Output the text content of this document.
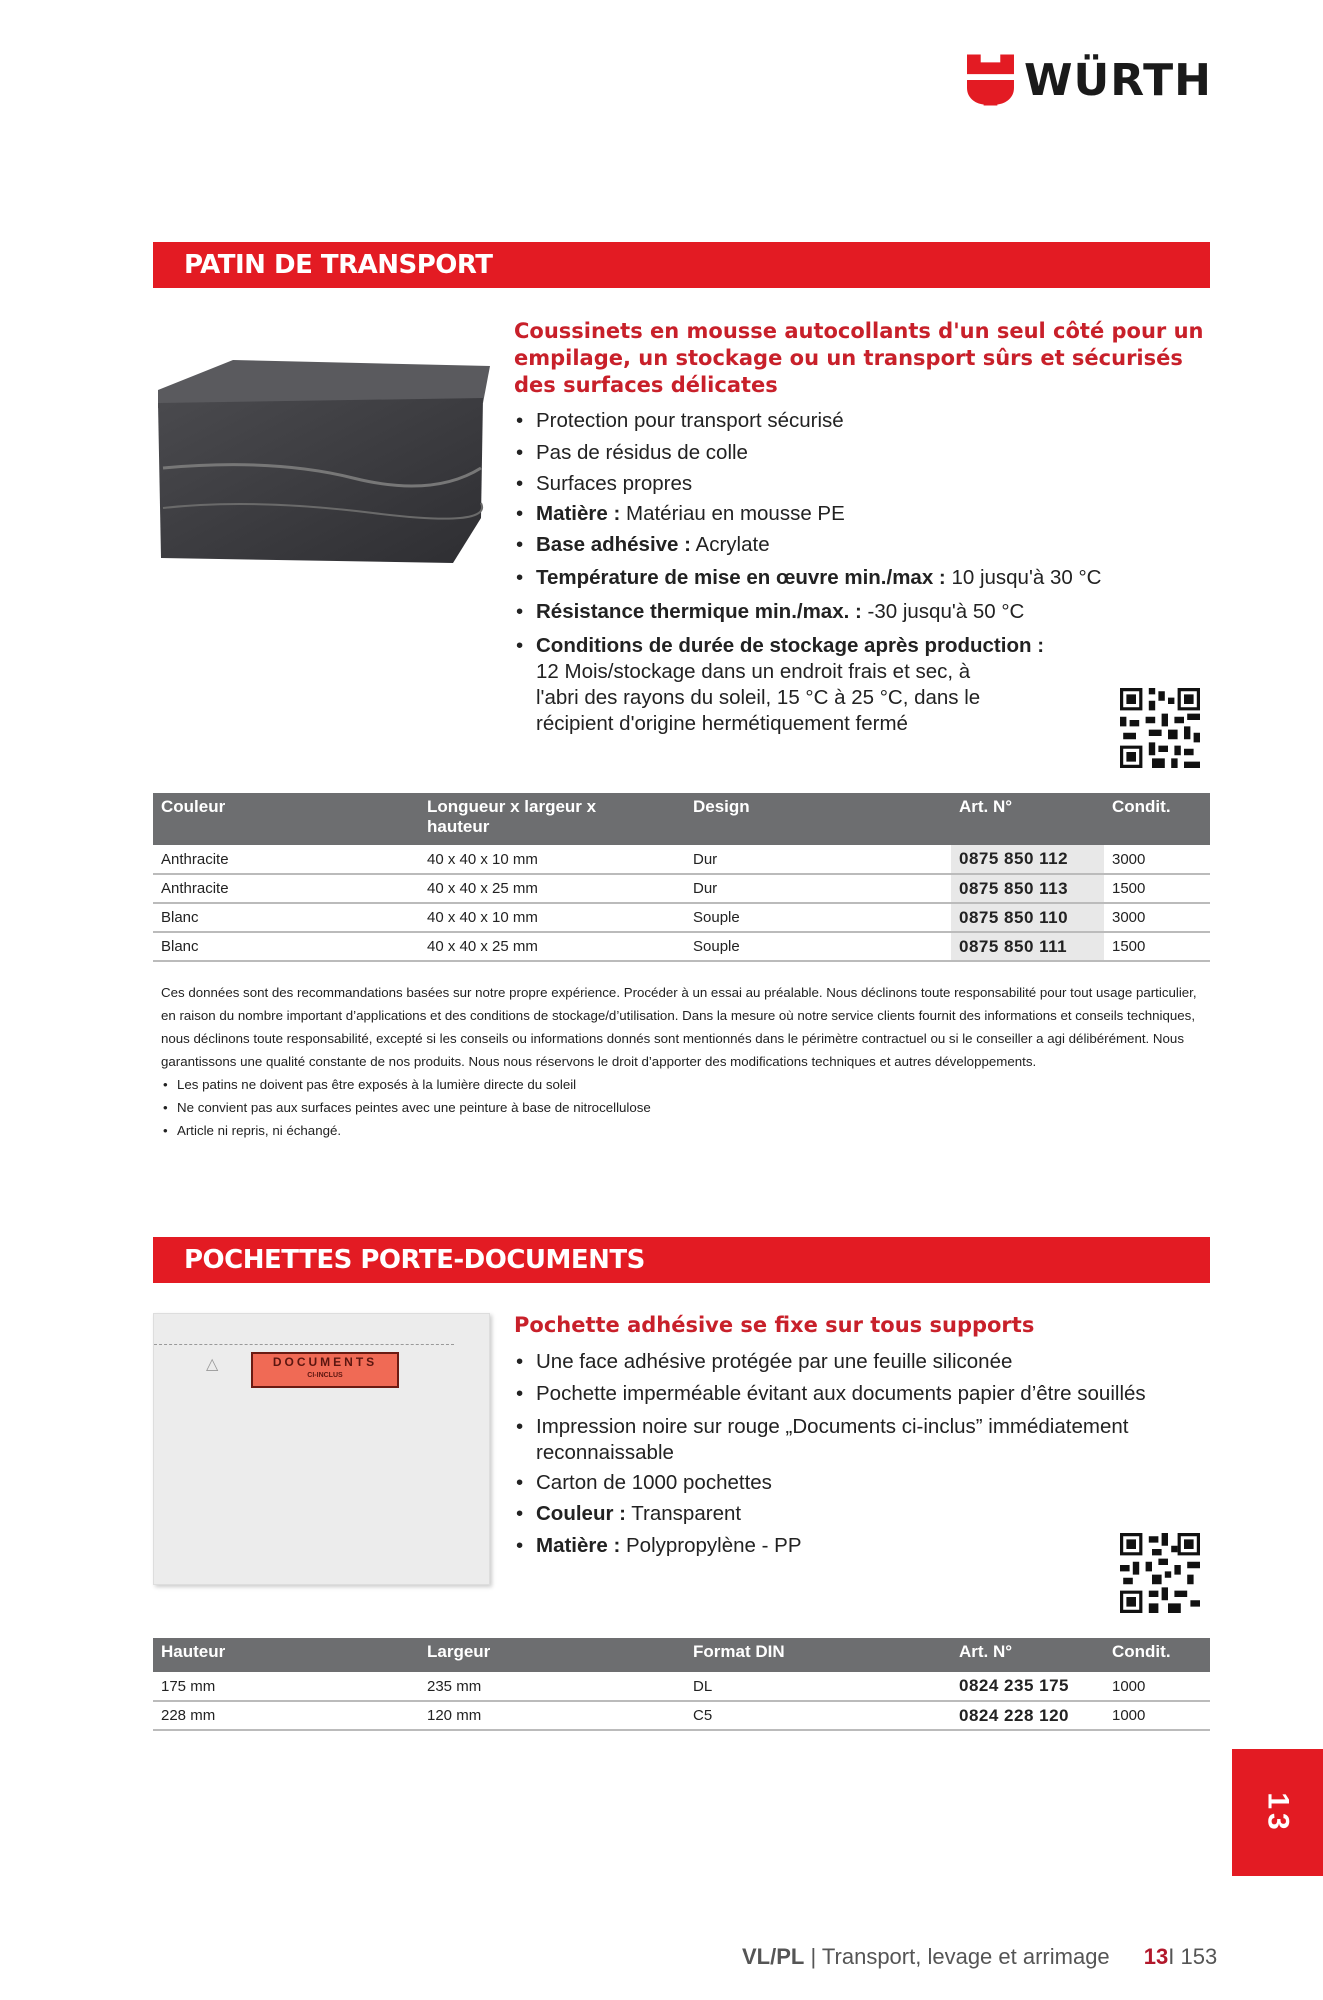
WÜRTH
PATIN DE TRANSPORT
Coussinets en mousse autocollants d'un seul côté pour un empilage, un stockage ou un transport sûrs et sécurisés des surfaces délicates
• Protection pour transport sécurisé
• Pas de résidus de colle
• Surfaces propres
• Matière : Matériau en mousse PE
• Base adhésive : Acrylate
• Température de mise en œuvre min./max : 10 jusqu'à 30 °C
• Résistance thermique min./max. : -30 jusqu'à 50 °C
• Conditions de durée de stockage après production :
12 Mois/stockage dans un endroit frais et sec, à l'abri des rayons du soleil, 15 °C à 25 °C, dans le récipient d'origine hermétiquement fermé
Couleur	Longueur x largeur x hauteur	Design	Art. N°	Condit.
Anthracite	40 x 40 x 10 mm	Dur	0875 850 112	3000
Anthracite	40 x 40 x 25 mm	Dur	0875 850 113	1500
Blanc	40 x 40 x 10 mm	Souple	0875 850 110	3000
Blanc	40 x 40 x 25 mm	Souple	0875 850 111	1500

Ces données sont des recommandations basées sur notre propre expérience. Procéder à un essai au préalable. Nous déclinons toute responsabilité pour tout usage particulier, en raison du nombre important d’applications et des conditions de stockage/d’utilisation. Dans la mesure où notre service clients fournit des informations et conseils techniques, nous déclinons toute responsabilité, excepté si les conseils ou informations donnés sont mentionnés dans le périmètre contractuel ou si le conseiller a agi délibérément. Nous garantissons une qualité constante de nos produits. Nous nous réservons le droit d’apporter des modifications techniques et autres développements.

• Les patins ne doivent pas être exposés à la lumière directe du soleil
• Ne convient pas aux surfaces peintes avec une peinture à base de nitrocellulose
• Article ni repris, ni échangé.
POCHETTES PORTE-DOCUMENTS
△	DOCUMENTS
CI-INCLUS
Pochette adhésive se fixe sur tous supports
• Une face adhésive protégée par une feuille siliconée
• Pochette imperméable évitant aux documents papier d’être souillés
• Impression noire sur rouge „Documents ci-inclus” immédiatement reconnaissable
• Carton de 1000 pochettes
• Couleur : Transparent
• Matière : Polypropylène - PP
Hauteur	Largeur	Format DIN	Art. N°	Condit.
175 mm	235 mm	DL	0824 235 175	1000
228 mm	120 mm	C5	0824 228 120	1000
13
VL/PL | Transport, levage et arrimage 13I 153
